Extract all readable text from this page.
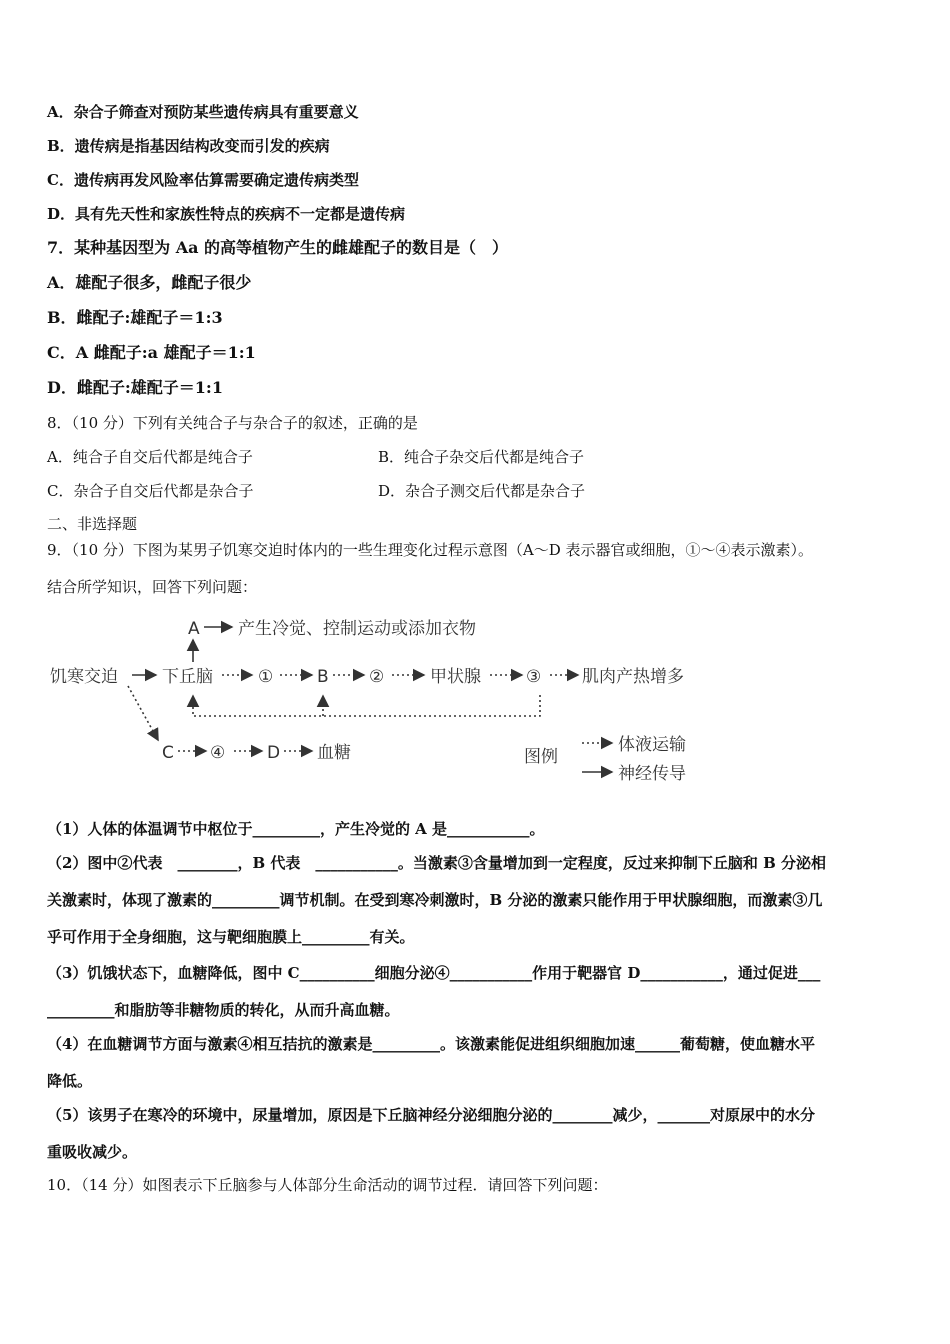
A．杂合子筛查对预防某些遗传病具有重要意义
B．遗传病是指基因结构改变而引发的疾病
C．遗传病再发风险率估算需要确定遗传病类型
D．具有先天性和家族性特点的疾病不一定都是遗传病
7．某种基因型为 Aa 的高等植物产生的雌雄配子的数目是（　）
A．雄配子很多，雌配子很少
B．雌配子:雄配子＝1:3
C．A 雌配子:a 雄配子＝1:1
D．雌配子:雄配子＝1:1
8．（10 分）下列有关纯合子与杂合子的叙述，正确的是
A．纯合子自交后代都是纯合子	B．纯合子杂交后代都是纯合子
C．杂合子自交后代都是杂合子	D．杂合子测交后代都是杂合子
二、非选择题
9．（10 分）下图为某男子饥寒交迫时体内的一些生理变化过程示意图（A～D 表示器官或细胞，①～④表示激素）。
结合所学知识，回答下列问题：
A 产生冷觉、控制运动或添加衣物
饥寒交迫	下丘脑	①	B ②	甲状腺	③ 肌肉产热增多
C ④ D 血糖	图例
体液运输
神经传导
（1）人体的体温调节中枢位于_________，产生冷觉的 A 是___________。
（2）图中②代表　________，B 代表　___________。当激素③含量增加到一定程度，反过来抑制下丘脑和 B 分泌相
关激素时，体现了激素的_________调节机制。在受到寒冷刺激时，B 分泌的激素只能作用于甲状腺细胞，而激素③几
乎可作用于全身细胞，这与靶细胞膜上_________有关。
（3）饥饿状态下，血糖降低，图中 C__________细胞分泌④___________作用于靶器官 D___________，通过促进___
_________和脂肪等非糖物质的转化，从而升高血糖。
（4）在血糖调节方面与激素④相互拮抗的激素是_________。该激素能促进组织细胞加速______葡萄糖，使血糖水平
降低。
（5）该男子在寒冷的环境中，尿量增加，原因是下丘脑神经分泌细胞分泌的________减少，_______对原尿中的水分
重吸收减少。
10．（14 分）如图表示下丘脑参与人体部分生命活动的调节过程．请回答下列问题：
